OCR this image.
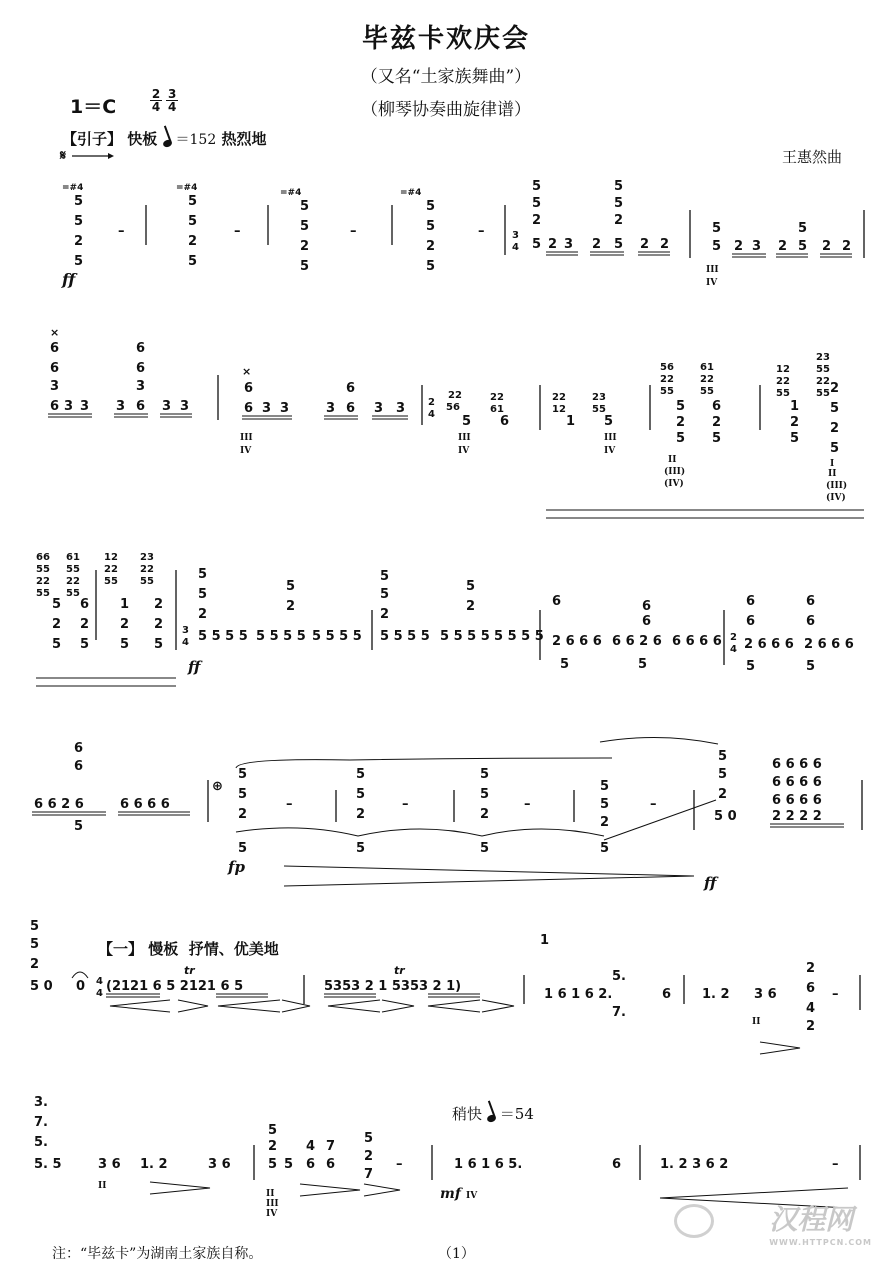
毕兹卡欢庆会
（又名“土家族舞曲”）
（柳琴协奏曲旋律谱）
1＝C	$\frac{2}{4} \frac{3}{4}$
王惠然曲
【引子】 快板 ＝152 热烈地
【一】 慢板 抒情、优美地
稍快 ＝54
𝄋
=#4
5
5
2
5
–
=#4
5
5
2
5
–
=#4
5
5
2
5
–
=#4
5
5
2
5
–	3
4
5
5
2
5 2 3 2 5
5
5
2
2 2
5
5 2 3 2 5
5
2 2
III
IV
ff
×
6
6
3
6 3 3 3 6
6
6
3
3 3
×
6
6 3 3	3 6
6
3 3
III
IV
2
4
22
56
5
22
61
6
III
IV
22
12
1
23
55
5
III
IV
56
22
55
5
2
5
61
22
55
6
2
5
II
(III)
(IV)
12
22
55
1
2
5
23
55
22
55 2
5
2
5
I
II
(III)
(IV)
66
55
22
55
5
2
5
61
55
22
55
6
2
5
12
22
55
1
2
5
23
22
55
2
2
5
3
4
5
5
2
5 5 5 5 5 5 5 5
5
2
5 5 5 5
5
5
2
5 5 5 5 5 5 5 5
5
2
5 5 5 5
6
2 6 6 6 6 6 2 6
6
6
6 6 6 6 2
4 2 6 6 6
6
6
2 6 6 6
6
6
5	5	5	5
ff
6
6
6 6 2 6	6 6 6 6
5
⊕
5
5
2
–
5
5
2
–
5
5
2
–
5
5
2
–
5
5
2
5 0	2 2 2 2
6 6 6 6
6 6 6 6
6 6 6 6
5	5	5	5
fp
ff
5
5
2
5 0 0 4
4 (2121 6 5 2121 6 5
tr
5353 2 1 5353 2 1)
tr
1
1 6 1 6 2.
5.
7.
6 1. 2 3 6
II
2
6
4
2
–
3.
7.
5.
5. 5	3 6 1. 2	3 6
II
5
2
5 5
4
6
7
6
5
2
7
–
II
III
IV
1 6 1 6 5.	6	1. 2 3 6 2	–
mf IV
注：“毕兹卡”为湖南土家族自称。	（1）
汉程网
WWW.HTTPCN.COM
